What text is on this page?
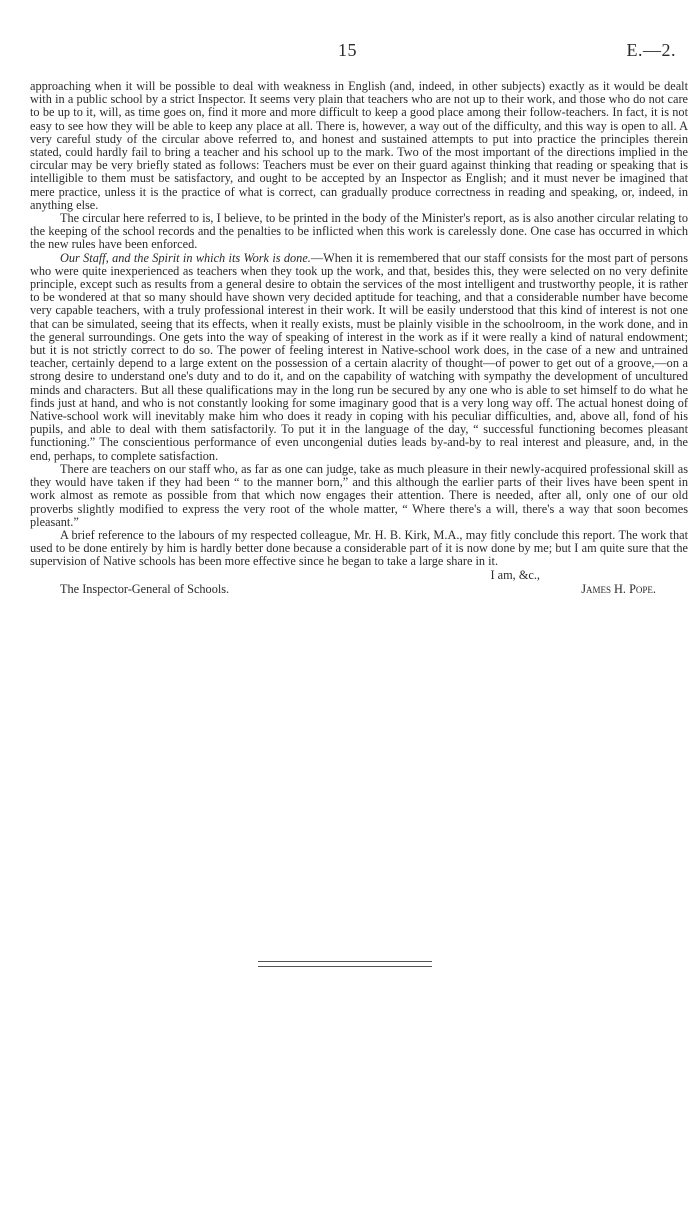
15	E.—2.

approaching when it will be possible to deal with weakness in English (and, indeed, in other subjects) exactly as it would be dealt with in a public school by a strict Inspector. It seems very plain that teachers who are not up to their work, and those who do not care to be up to it, will, as time goes on, find it more and more difficult to keep a good place among their follow-teachers. In fact, it is not easy to see how they will be able to keep any place at all. There is, however, a way out of the difficulty, and this way is open to all. A very careful study of the circular above referred to, and honest and sustained attempts to put into practice the principles therein stated, could hardly fail to bring a teacher and his school up to the mark. Two of the most important of the directions implied in the circular may be very briefly stated as follows: Teachers must be ever on their guard against thinking that reading or speaking that is intelligible to them must be satisfactory, and ought to be accepted by an Inspector as English; and it must never be imagined that mere practice, unless it is the practice of what is correct, can gradually produce correctness in reading and speaking, or, indeed, in anything else.

The circular here referred to is, I believe, to be printed in the body of the Minister's report, as is also another circular relating to the keeping of the school records and the penalties to be inflicted when this work is carelessly done. One case has occurred in which the new rules have been enforced.

Our Staff, and the Spirit in which its Work is done.—When it is remembered that our staff consists for the most part of persons who were quite inexperienced as teachers when they took up the work, and that, besides this, they were selected on no very definite principle, except such as results from a general desire to obtain the services of the most intelligent and trustworthy people, it is rather to be wondered at that so many should have shown very decided aptitude for teaching, and that a considerable number have become very capable teachers, with a truly professional interest in their work. It will be easily understood that this kind of interest is not one that can be simulated, seeing that its effects, when it really exists, must be plainly visible in the schoolroom, in the work done, and in the general surroundings. One gets into the way of speaking of interest in the work as if it were really a kind of natural endowment; but it is not strictly correct to do so. The power of feeling interest in Native-school work does, in the case of a new and untrained teacher, certainly depend to a large extent on the possession of a certain alacrity of thought—of power to get out of a groove,—on a strong desire to understand one's duty and to do it, and on the capability of watching with sympathy the development of uncultured minds and characters. But all these qualifications may in the long run be secured by any one who is able to set himself to do what he finds just at hand, and who is not constantly looking for some imaginary good that is a very long way off. The actual honest doing of Native-school work will inevitably make him who does it ready in coping with his peculiar difficulties, and, above all, fond of his pupils, and able to deal with them satisfactorily. To put it in the language of the day, “ successful functioning becomes pleasant functioning.” The conscientious performance of even uncongenial duties leads by-and-by to real interest and pleasure, and, in the end, perhaps, to complete satisfaction.

There are teachers on our staff who, as far as one can judge, take as much pleasure in their newly-acquired professional skill as they would have taken if they had been “ to the manner born,” and this although the earlier parts of their lives have been spent in work almost as remote as possible from that which now engages their attention. There is needed, after all, only one of our old proverbs slightly modified to express the very root of the whole matter, “ Where there's a will, there's a way that soon becomes pleasant.”

A brief reference to the labours of my respected colleague, Mr. H. B. Kirk, M.A., may fitly conclude this report. The work that used to be done entirely by him is hardly better done because a considerable part of it is now done by me; but I am quite sure that the supervision of Native schools has been more effective since he began to take a large share in it.

I am, &c.,
The Inspector-General of Schools.	James H. Pope.
